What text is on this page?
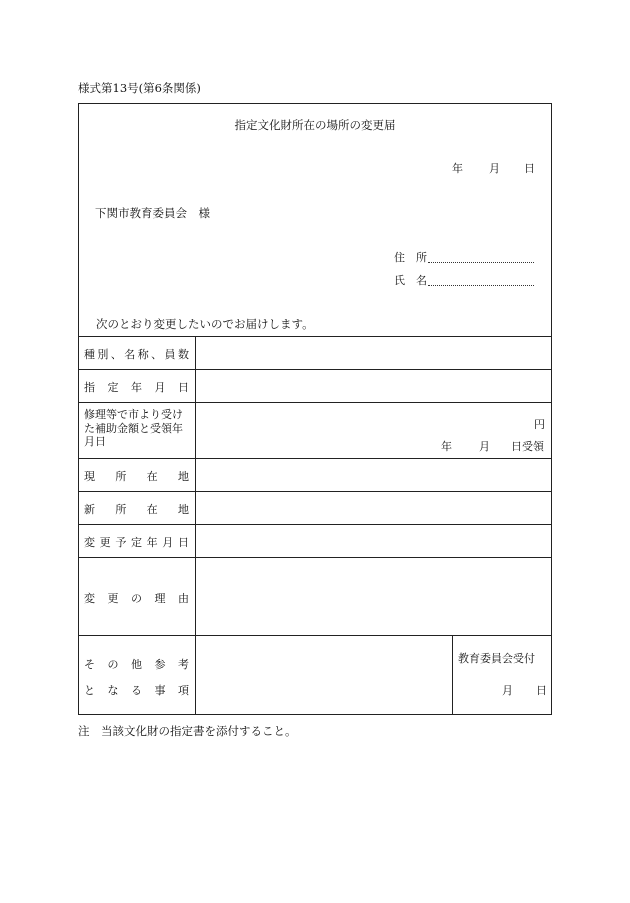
様式第13号(第6条関係)
指定文化財所在の場所の変更届
年 月 日
下関市教育委員会　様
住　所
氏　名
次のとおり変更したいのでお届けします。
種 別 、 名 称 、 員 数
指 定 年 月 日
修理等で市より受け
た補助金額と受領年
月日
円
年 月 日受領
現 所 在 地
新 所 在 地
変 更 予 定 年 月 日
変 更 の 理 由
そ の 他 参 考
と な る 事 項
教育委員会受付
月 日
注　当該文化財の指定書を添付すること。
